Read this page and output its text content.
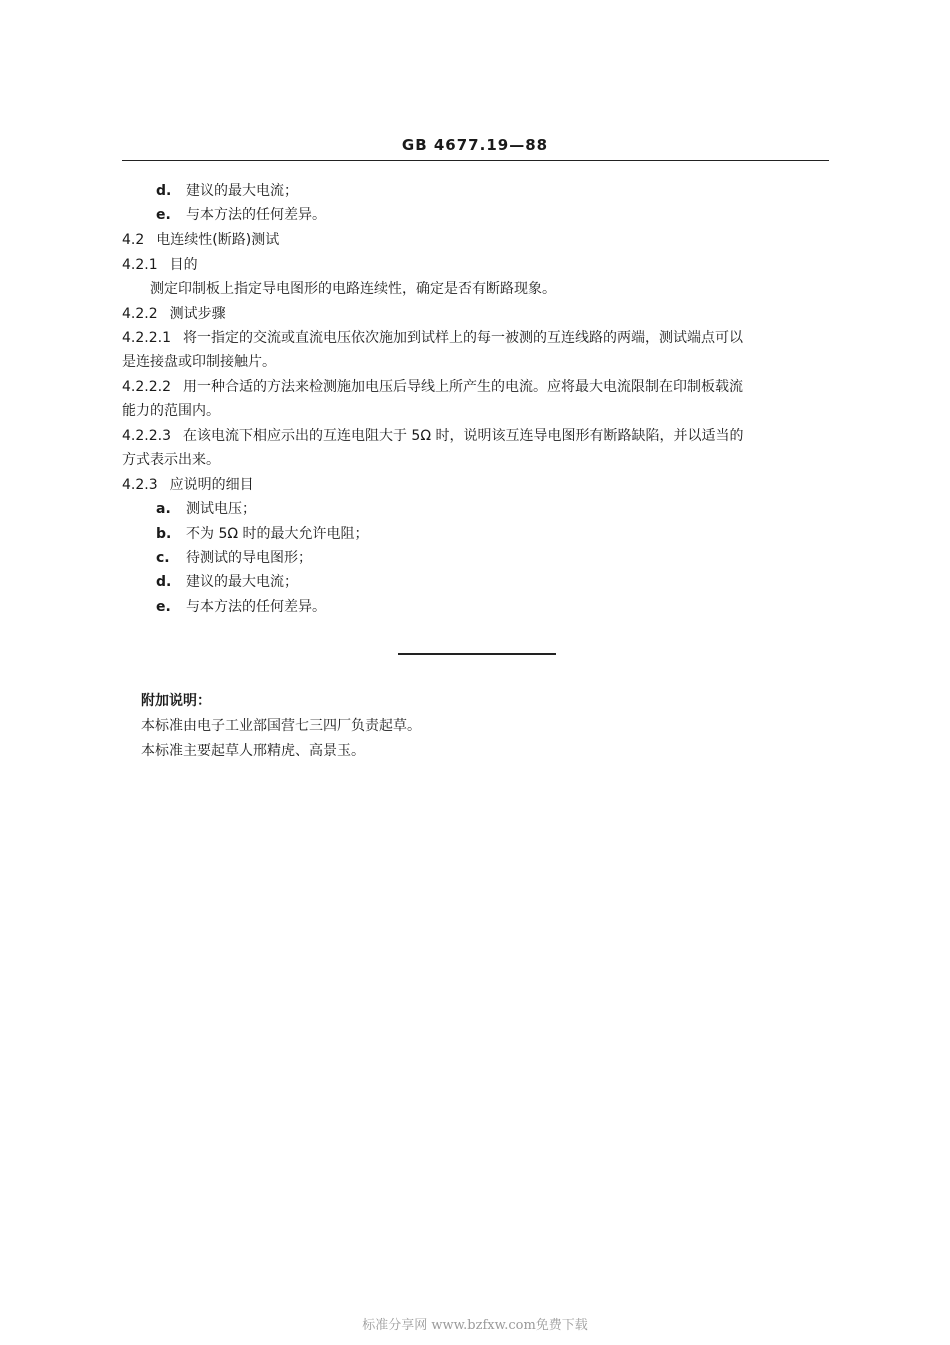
GB 4677.19—88
d. 建议的最大电流；
e. 与本方法的任何差异。
4.2 电连续性(断路)测试
4.2.1 目的
测定印制板上指定导电图形的电路连续性，确定是否有断路现象。
4.2.2 测试步骤
4.2.2.1 将一指定的交流或直流电压依次施加到试样上的每一被测的互连线路的两端，测试端点可以
是连接盘或印制接触片。
4.2.2.2 用一种合适的方法来检测施加电压后导线上所产生的电流。应将最大电流限制在印制板载流
能力的范围内。
4.2.2.3 在该电流下相应示出的互连电阻大于 5Ω 时，说明该互连导电图形有断路缺陷，并以适当的
方式表示出来。
4.2.3 应说明的细目
a. 测试电压；
b. 不为 5Ω 时的最大允许电阻；
c. 待测试的导电图形；
d. 建议的最大电流；
e. 与本方法的任何差异。
附加说明：
本标准由电子工业部国营七三四厂负责起草。
本标准主要起草人邢精虎、高景玉。
标准分享网 www.bzfxw.com免费下载
